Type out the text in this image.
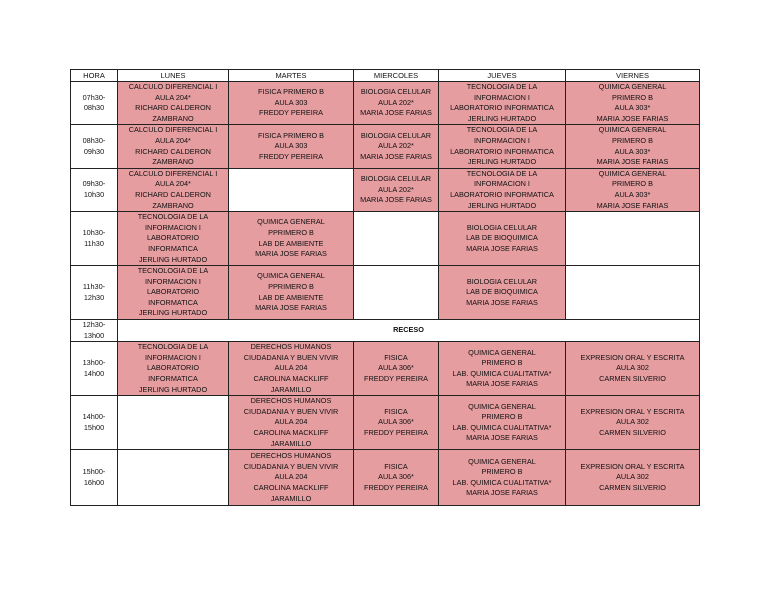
HORA	LUNES	MARTES	MIERCOLES	JUEVES	VIERNES

07h30-
08h30	CALCULO DIFERENCIAL I
AULA 204*
RICHARD CALDERON
ZAMBRANO	FISICA PRIMERO B
AULA 303
FREDDY PEREIRA	BIOLOGIA CELULAR
AULA 202*
MARIA JOSE FARIAS	TECNOLOGIA DE LA
INFORMACION I
LABORATORIO INFORMATICA
JERLING HURTADO	QUIMICA GENERAL
PRIMERO B
AULA 303*
MARIA JOSE FARIAS

08h30-
09h30	CALCULO DIFERENCIAL I
AULA 204*
RICHARD CALDERON
ZAMBRANO	FISICA PRIMERO B
AULA 303
FREDDY PEREIRA	BIOLOGIA CELULAR
AULA 202*
MARIA JOSE FARIAS	TECNOLOGIA DE LA
INFORMACION I
LABORATORIO INFORMATICA
JERLING HURTADO	QUIMICA GENERAL
PRIMERO B
AULA 303*
MARIA JOSE FARIAS

09h30-
10h30	CALCULO DIFERENCIAL I
AULA 204*
RICHARD CALDERON
ZAMBRANO		BIOLOGIA CELULAR
AULA 202*
MARIA JOSE FARIAS	TECNOLOGIA DE LA
INFORMACION I
LABORATORIO INFORMATICA
JERLING HURTADO	QUIMICA GENERAL
PRIMERO B
AULA 303*
MARIA JOSE FARIAS

10h30-
11h30	TECNOLOGIA DE LA
INFORMACION I
LABORATORIO
INFORMATICA
JERLING HURTADO	QUIMICA GENERAL
PPRIMERO B
LAB DE AMBIENTE
MARIA JOSE FARIAS		BIOLOGIA CELULAR
LAB DE BIOQUIMICA
MARIA JOSE FARIAS	

11h30-
12h30	TECNOLOGIA DE LA
INFORMACION I
LABORATORIO
INFORMATICA
JERLING HURTADO	QUIMICA GENERAL
PPRIMERO B
LAB DE AMBIENTE
MARIA JOSE FARIAS		BIOLOGIA CELULAR
LAB DE BIOQUIMICA
MARIA JOSE FARIAS	

12h30-
13h00	RECESO				

13h00-
14h00	TECNOLOGIA DE LA
INFORMACION I
LABORATORIO
INFORMATICA
JERLING HURTADO	DERECHOS HUMANOS
CIUDADANIA Y BUEN VIVIR
AULA 204
CAROLINA MACKLIFF
JARAMILLO	FISICA
AULA 306*
FREDDY PEREIRA	QUIMICA GENERAL
PRIMERO B
LAB. QUIMICA CUALITATIVA*
MARIA JOSE FARIAS	EXPRESION ORAL Y ESCRITA
AULA 302
CARMEN SILVERIO

14h00-
15h00		DERECHOS HUMANOS
CIUDADANIA Y BUEN VIVIR
AULA 204
CAROLINA MACKLIFF
JARAMILLO	FISICA
AULA 306*
FREDDY PEREIRA	QUIMICA GENERAL
PRIMERO B
LAB. QUIMICA CUALITATIVA*
MARIA JOSE FARIAS	EXPRESION ORAL Y ESCRITA
AULA 302
CARMEN SILVERIO

15h00-
16h00		DERECHOS HUMANOS
CIUDADANIA Y BUEN VIVIR
AULA 204
CAROLINA MACKLIFF
JARAMILLO	FISICA
AULA 306*
FREDDY PEREIRA	QUIMICA GENERAL
PRIMERO B
LAB. QUIMICA CUALITATIVA*
MARIA JOSE FARIAS	EXPRESION ORAL Y ESCRITA
AULA 302
CARMEN SILVERIO
